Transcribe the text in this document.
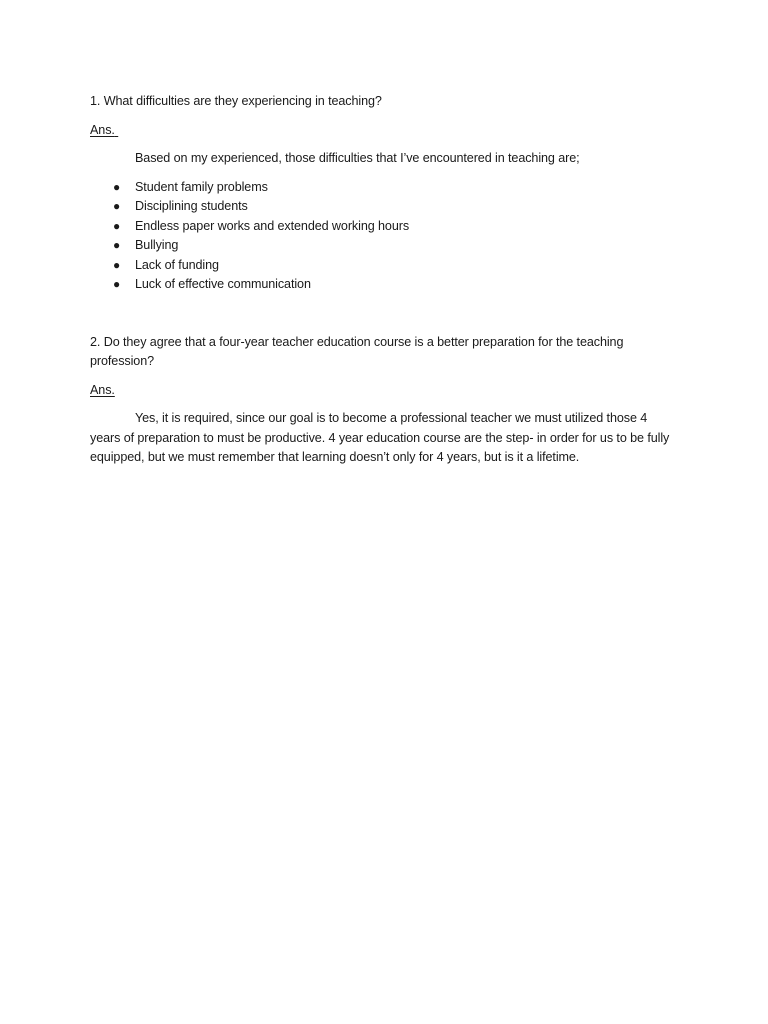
1. What difficulties are they experiencing in teaching?

Ans.

Based on my experienced, those difficulties that I’ve encountered in teaching are;

● Student family problems
● Disciplining students
● Endless paper works and extended working hours
● Bullying
● Lack of funding
● Luck of effective communication

2. Do they agree that a four-year teacher education course is a better preparation for the teaching profession?

Ans.

Yes, it is required, since our goal is to become a professional teacher we must utilized those 4 years of preparation to must be productive. 4 year education course are the step- in order for us to be fully equipped, but we must remember that learning doesn’t only for 4 years, but is it a lifetime.
